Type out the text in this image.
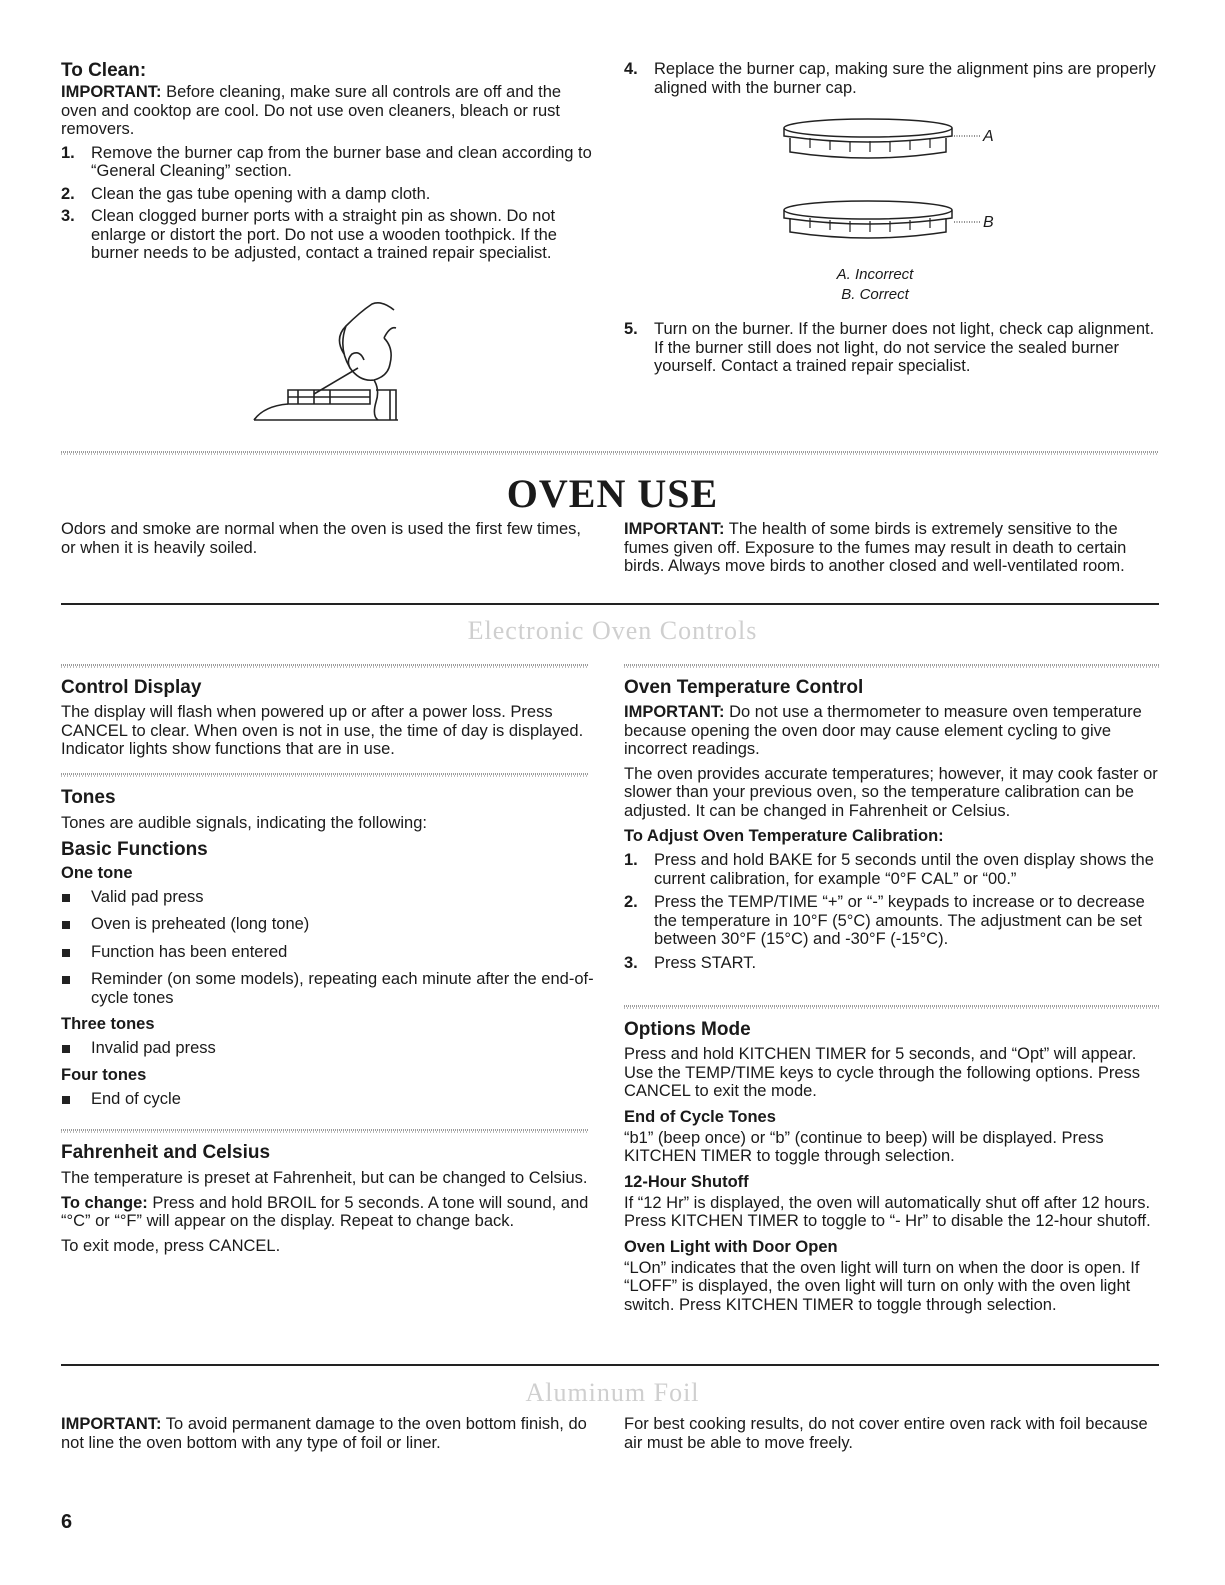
To Clean:

IMPORTANT: Before cleaning, make sure all controls are off and the oven and cooktop are cool. Do not use oven cleaners, bleach or rust removers.

1. Remove the burner cap from the burner base and clean according to “General Cleaning” section.
2. Clean the gas tube opening with a damp cloth.
3. Clean clogged burner ports with a straight pin as shown. Do not enlarge or distort the port. Do not use a wooden toothpick. If the burner needs to be adjusted, contact a trained repair specialist.
4. Replace the burner cap, making sure the alignment pins are properly aligned with the burner cap.
A
B
A. Incorrect
B. Correct
5. Turn on the burner. If the burner does not light, check cap alignment. If the burner still does not light, do not service the sealed burner yourself. Contact a trained repair specialist.
OVEN USE

Odors and smoke are normal when the oven is used the first few times, or when it is heavily soiled.

IMPORTANT: The health of some birds is extremely sensitive to the fumes given off. Exposure to the fumes may result in death to certain birds. Always move birds to another closed and well-ventilated room.

Electronic Oven Controls

Control Display

The display will flash when powered up or after a power loss. Press CANCEL to clear. When oven is not in use, the time of day is displayed. Indicator lights show functions that are in use.

Tones

Tones are audible signals, indicating the following:

Basic Functions

One tone

Valid pad press
Oven is preheated (long tone)
Function has been entered
Reminder (on some models), repeating each minute after the end-of-cycle tones

Three tones

Invalid pad press

Four tones

End of cycle

Fahrenheit and Celsius

The temperature is preset at Fahrenheit, but can be changed to Celsius.

To change: Press and hold BROIL for 5 seconds. A tone will sound, and “°C” or “°F” will appear on the display. Repeat to change back.

To exit mode, press CANCEL.

Oven Temperature Control

IMPORTANT: Do not use a thermometer to measure oven temperature because opening the oven door may cause element cycling to give incorrect readings.

The oven provides accurate temperatures; however, it may cook faster or slower than your previous oven, so the temperature calibration can be adjusted. It can be changed in Fahrenheit or Celsius.

To Adjust Oven Temperature Calibration:

1. Press and hold BAKE for 5 seconds until the oven display shows the current calibration, for example “0°F CAL” or “00.”
2. Press the TEMP/TIME “+” or “-” keypads to increase or to decrease the temperature in 10°F (5°C) amounts. The adjustment can be set between 30°F (15°C) and -30°F (-15°C).
3. Press START.

Options Mode

Press and hold KITCHEN TIMER for 5 seconds, and “Opt” will appear. Use the TEMP/TIME keys to cycle through the following options. Press CANCEL to exit the mode.

End of Cycle Tones

“b1” (beep once) or “b” (continue to beep) will be displayed. Press KITCHEN TIMER to toggle through selection.

12-Hour Shutoff

If “12 Hr” is displayed, the oven will automatically shut off after 12 hours. Press KITCHEN TIMER to toggle to “- Hr” to disable the 12-hour shutoff.

Oven Light with Door Open

“LOn” indicates that the oven light will turn on when the door is open. If “LOFF” is displayed, the oven light will turn on only with the oven light switch. Press KITCHEN TIMER to toggle through selection.

Aluminum Foil

IMPORTANT: To avoid permanent damage to the oven bottom finish, do not line the oven bottom with any type of foil or liner.

For best cooking results, do not cover entire oven rack with foil because air must be able to move freely.

6
